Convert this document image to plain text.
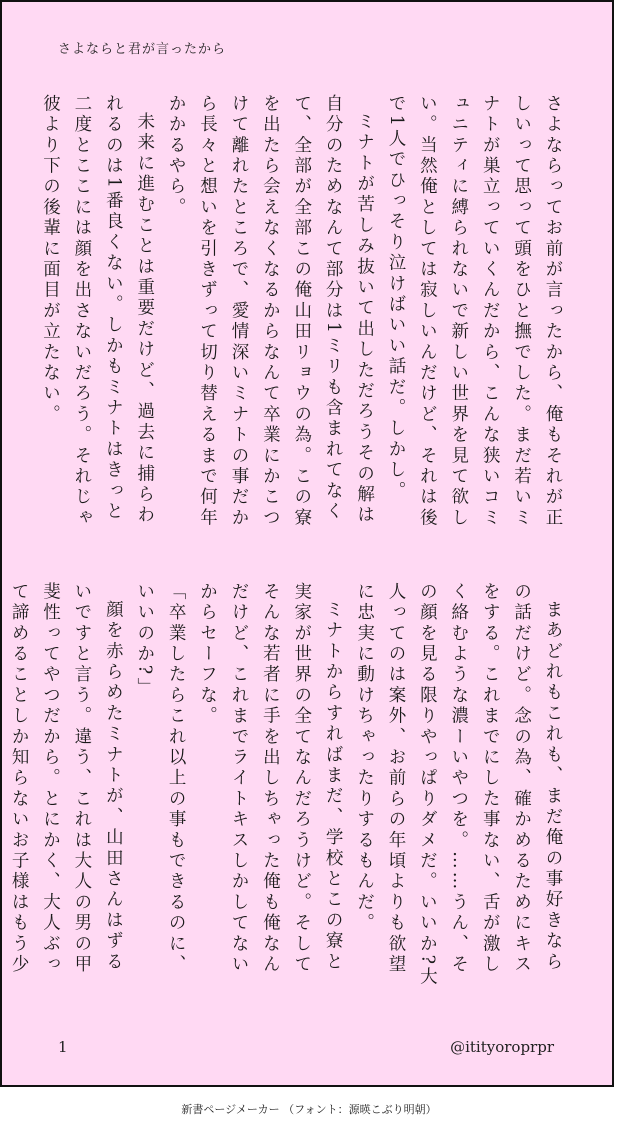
さよならと君が言ったから

さよならってお前が言ったから、俺もそれが正しいって思って頭をひと撫でした。まだ若いミナトが巣立っていくんだから、こんな狭いコミュニティに縛られないで新しい世界を見て欲しい。当然俺としては寂しいんだけど、それは後で1人でひっそり泣けばいい話だ。しかし。

ミナトが苦しみ抜いて出しただろうその解は自分のためなんて部分は1ミリも含まれてなくて、全部が全部この俺山田リョウの為。この寮を出たら会えなくなるからなんて卒業にかこつけて離れたところで、愛情深いミナトの事だから長々と想いを引きずって切り替えるまで何年かかるやら。

未来に進むことは重要だけど、過去に捕らわれるのは1番良くない。しかもミナトはきっと二度とここには顔を出さないだろう。それじゃ彼より下の後輩に面目が立たない。

まあどれもこれも、まだ俺の事好きならの話だけど。念の為、確かめるためにキスをする。これまでにした事ない、舌が激しく絡むような濃ーいやつを。……うん、その顔を見る限りやっぱりダメだ。いいか?大人ってのは案外、お前らの年頃よりも欲望に忠実に動けちゃったりするもんだ。

ミナトからすればまだ、学校とこの寮と実家が世界の全てなんだろうけど。そしてそんな若者に手を出しちゃった俺も俺なんだけど、これまでライトキスしかしてないからセーフな。

「卒業したらこれ以上の事もできるのに、いいのか?」

顔を赤らめたミナトが、山田さんはずるいですと言う。違う、これは大人の男の甲斐性ってやつだから。とにかく、大人ぶって諦めることしか知らないお子様はもう少

1	@itityoroprpr
新書ページメーカー （フォント：源暎こぶり明朝）
